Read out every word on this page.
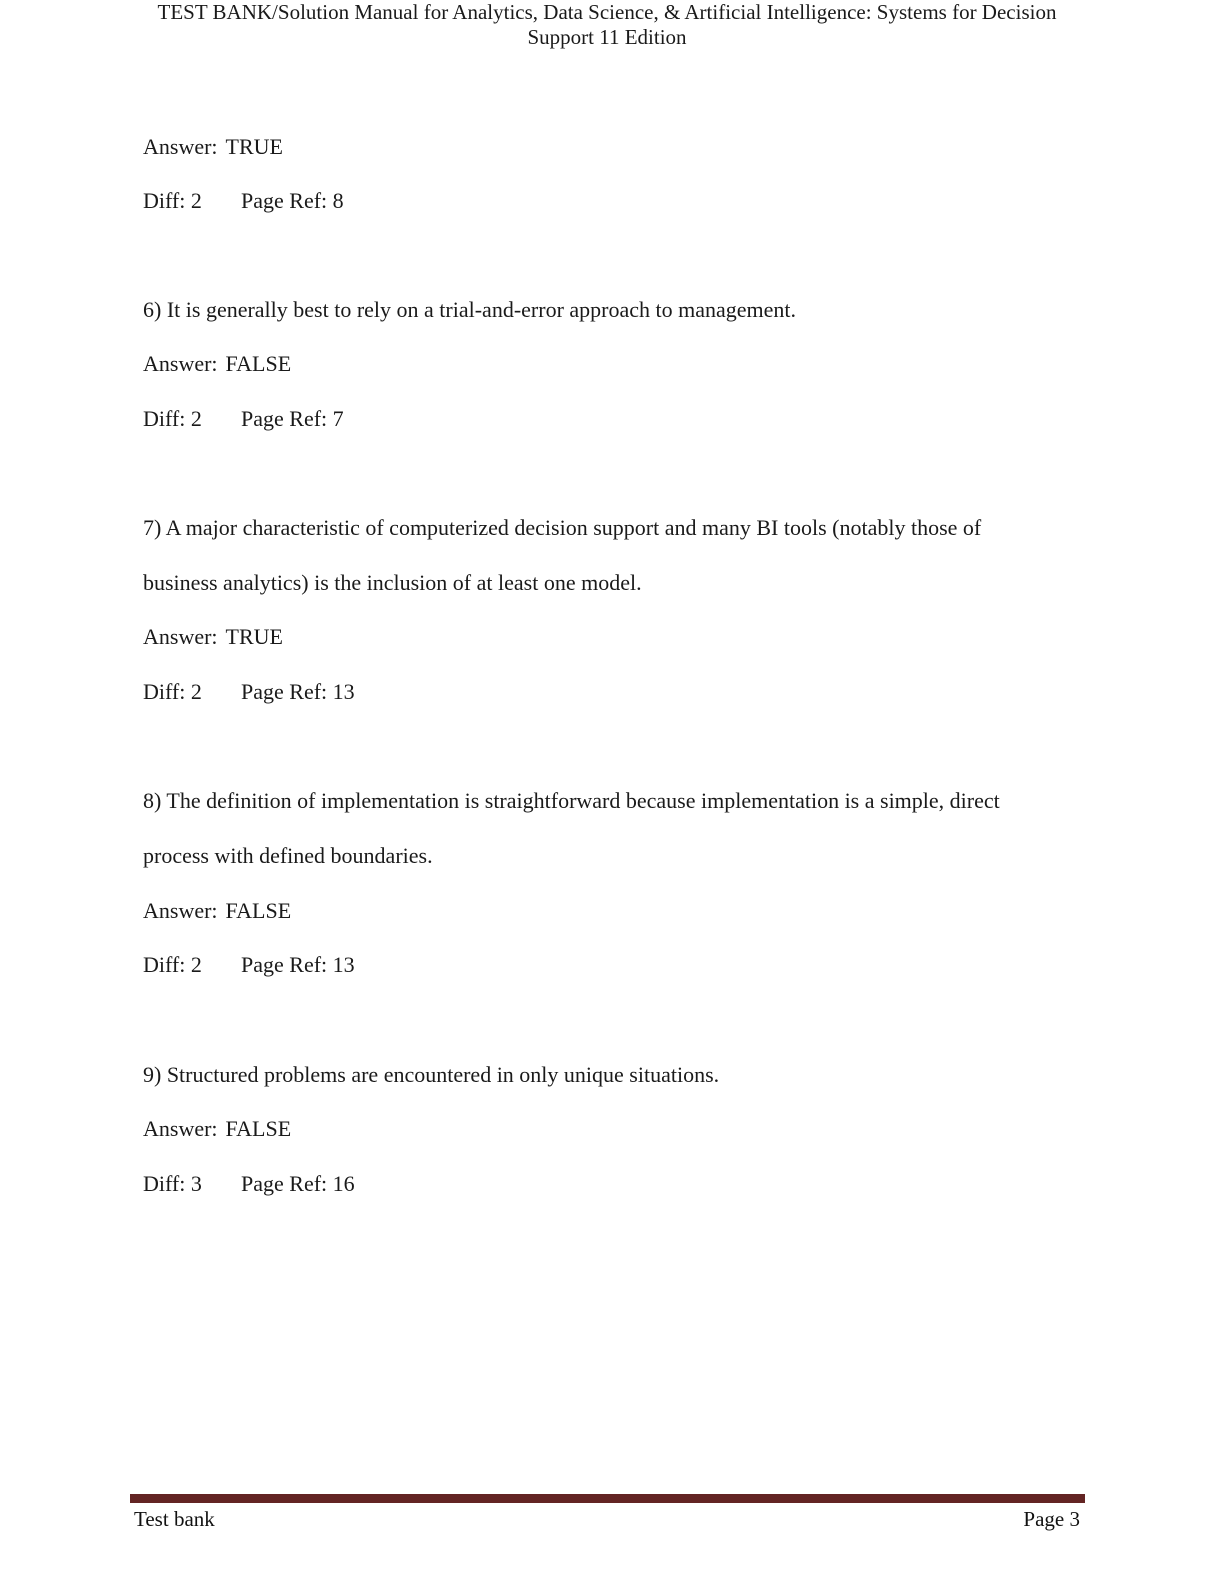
TEST BANK/Solution Manual for Analytics, Data Science, & Artificial Intelligence: Systems for Decision
Support 11 Edition
Answer: TRUE
Diff: 2 Page Ref: 8
6) It is generally best to rely on a trial-and-error approach to management.
Answer: FALSE
Diff: 2 Page Ref: 7
7) A major characteristic of computerized decision support and many BI tools (notably those of
business analytics) is the inclusion of at least one model.
Answer: TRUE
Diff: 2 Page Ref: 13
8) The definition of implementation is straightforward because implementation is a simple, direct
process with defined boundaries.
Answer: FALSE
Diff: 2 Page Ref: 13
9) Structured problems are encountered in only unique situations.
Answer: FALSE
Diff: 3 Page Ref: 16
Test bank	Page 3
